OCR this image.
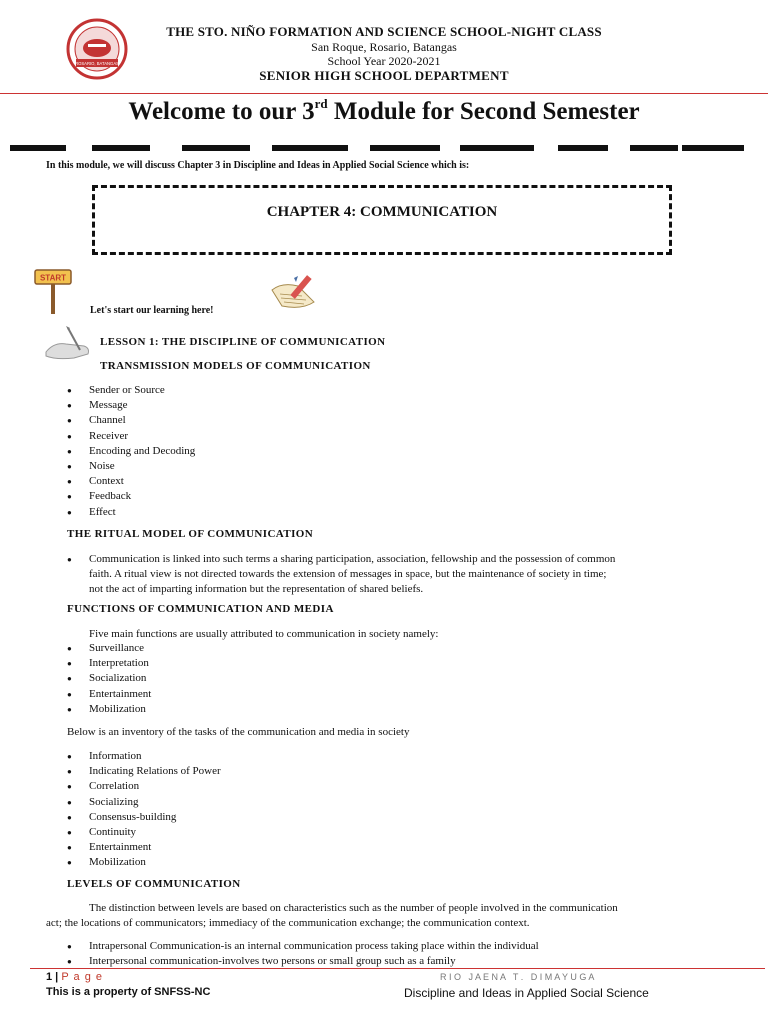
ROSARIO, BATANGAS
THE STO. NIÑO FORMATION AND SCIENCE SCHOOL-NIGHT CLASS
San Roque, Rosario, Batangas
School Year 2020-2021
SENIOR HIGH SCHOOL DEPARTMENT
Welcome to our 3rd Module for Second Semester
In this module, we will discuss Chapter 3 in Discipline and Ideas in Applied Social Science which is:
CHAPTER 4: COMMUNICATION
START
Let's start our learning here!
LESSON 1: THE DISCIPLINE OF COMMUNICATION
TRANSMISSION MODELS OF COMMUNICATION
● Sender or Source
● Message
● Channel
● Receiver
● Encoding and Decoding
● Noise
● Context
● Feedback
● Effect
THE RITUAL MODEL OF COMMUNICATION
● Communication is linked into such terms a sharing participation, association, fellowship and the possession of common
faith. A ritual view is not directed towards the extension of messages in space, but the maintenance of society in time;
not the act of imparting information but the representation of shared beliefs.
FUNCTIONS OF COMMUNICATION AND MEDIA
Five main functions are usually attributed to communication in society namely:
● Surveillance
● Interpretation
● Socialization
● Entertainment
● Mobilization
Below is an inventory of the tasks of the communication and media in society
● Information
● Indicating Relations of Power
● Correlation
● Socializing
● Consensus-building
● Continuity
● Entertainment
● Mobilization
LEVELS OF COMMUNICATION
The distinction between levels are based on characteristics such as the number of people involved in the communication
act; the locations of communicators; immediacy of the communication exchange; the communication context.
● Intrapersonal Communication-is an internal communication process taking place within the individual
● Interpersonal communication-involves two persons or small group such as a family
1 | P a g e	R I O   J A E N A   T .   D I M A Y U G A
This is a property of SNFSS-NC	Discipline and Ideas in Applied Social Science
